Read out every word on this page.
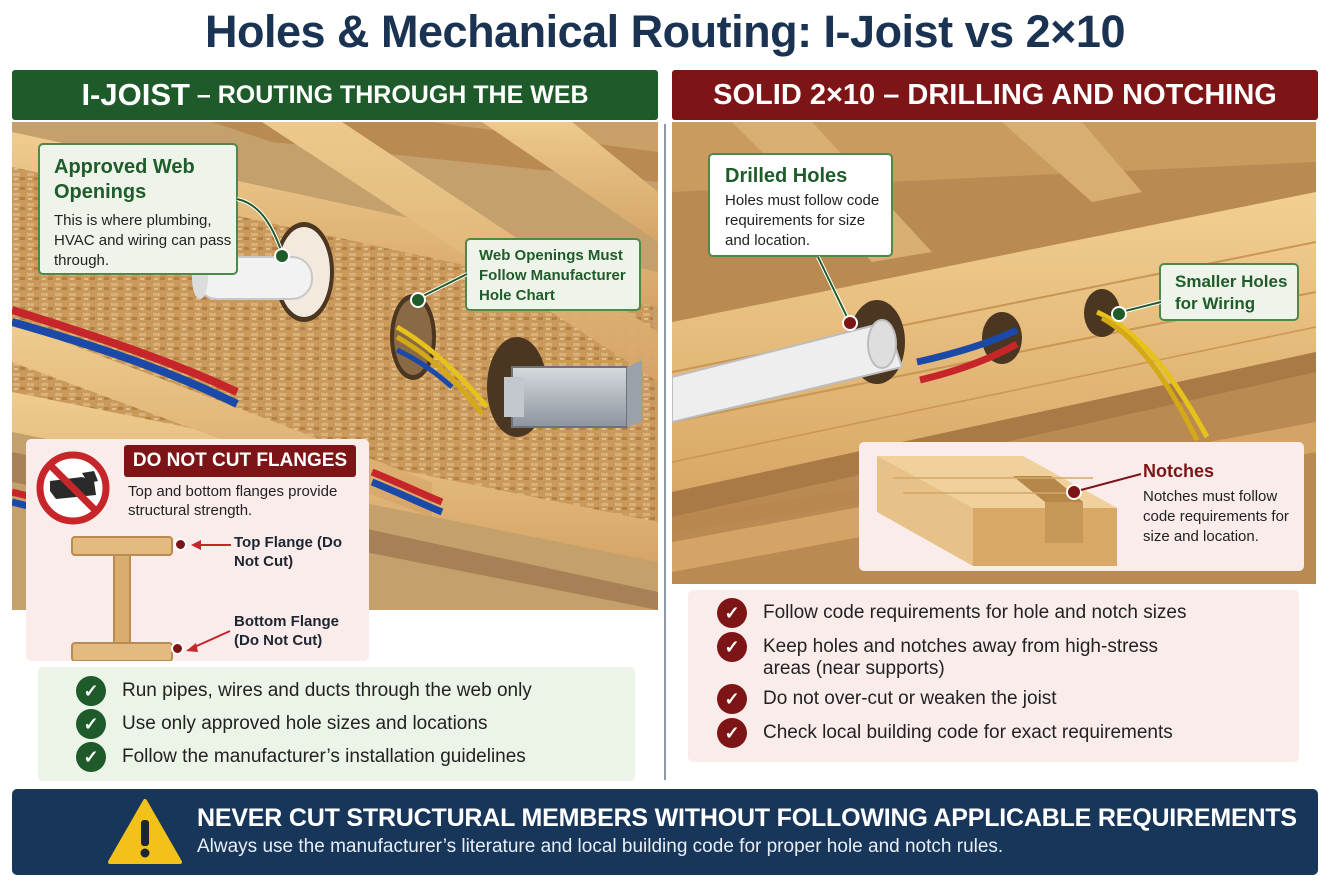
Holes & Mechanical Routing: I-Joist vs 2×10
I-JOIST – ROUTING THROUGH THE WEB	SOLID 2×10 – DRILLING AND NOTCHING
Approved Web Openings
This is where plumbing, HVAC and wiring can pass through.	Web Openings Must Follow Manufacturer Hole Chart
DO NOT CUT FLANGES
Top and bottom flanges provide structural strength.
Top Flange (Do Not Cut)
Bottom Flange (Do Not Cut)
✓	Run pipes, wires and ducts through the web only
✓	Use only approved hole sizes and locations
✓	Follow the manufacturer’s installation guidelines
Drilled Holes
Holes must follow code requirements for size and location.
Smaller Holes for Wiring
Notches
Notches must follow code requirements for size and location.
✓	Follow code requirements for hole and notch sizes
✓	Keep holes and notches away from high-stress areas (near supports)
✓	Do not over-cut or weaken the joist
✓	Check local building code for exact requirements
NEVER CUT STRUCTURAL MEMBERS WITHOUT FOLLOWING APPLICABLE REQUIREMENTS
Always use the manufacturer’s literature and local building code for proper hole and notch rules.
